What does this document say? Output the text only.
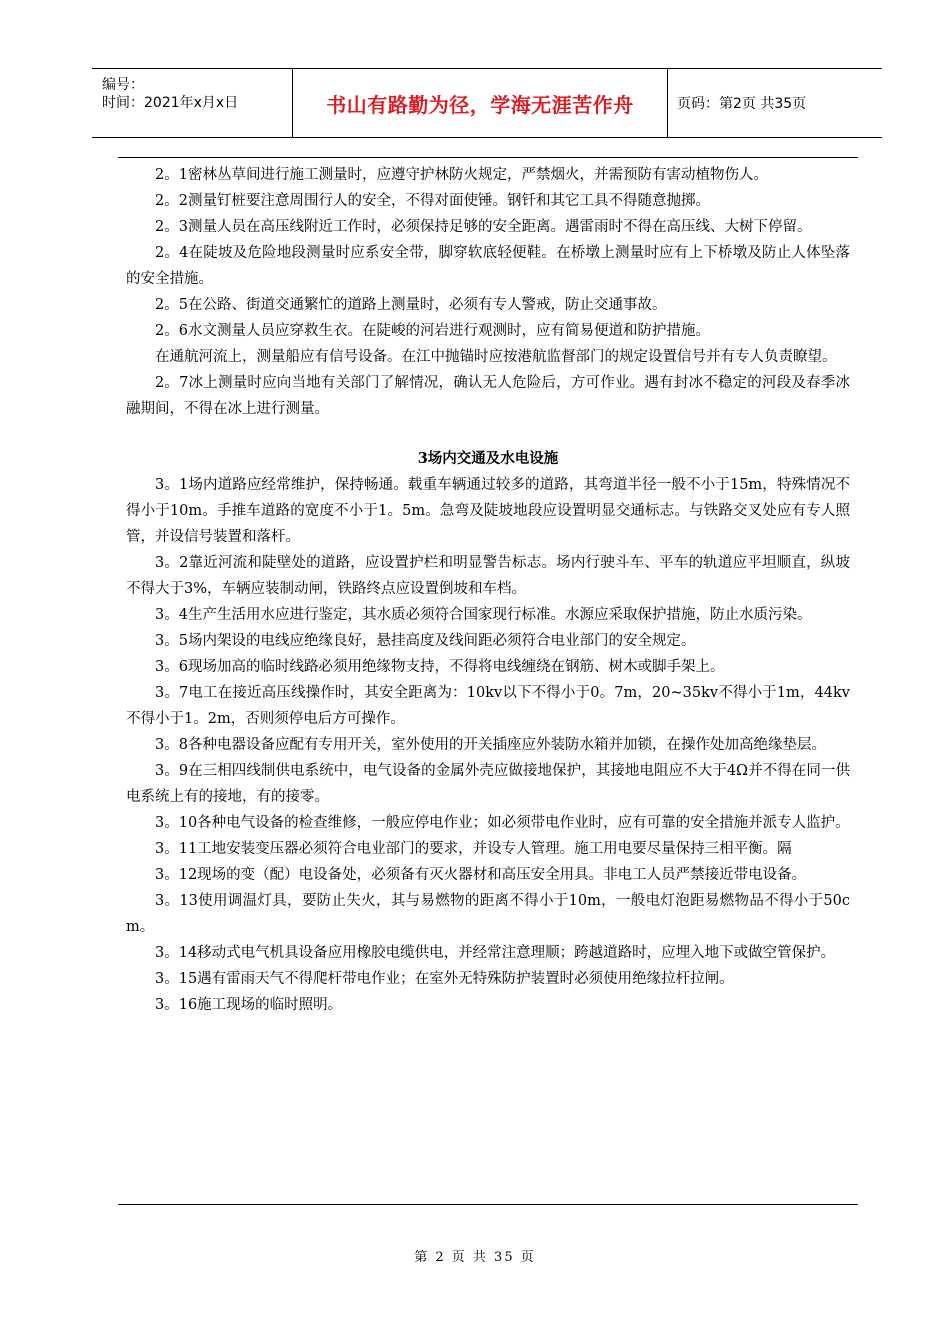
编号：
时间：2021年x月x日	书山有路勤为径，学海无涯苦作舟	页码：第2页 共35页

2。1密林丛草间进行施工测量时，应遵守护林防火规定，严禁烟火，并需预防有害动植物伤人。

2。2测量钉桩要注意周围行人的安全，不得对面使锤。钢钎和其它工具不得随意抛掷。

2。3测量人员在高压线附近工作时，必须保持足够的安全距离。遇雷雨时不得在高压线、大树下停留。

2。4在陡坡及危险地段测量时应系安全带，脚穿软底轻便鞋。在桥墩上测量时应有上下桥墩及防止人体坠落的安全措施。

2。5在公路、街道交通繁忙的道路上测量时，必须有专人警戒，防止交通事故。

2。6水文测量人员应穿救生衣。在陡峻的河岩进行观测时，应有简易便道和防护措施。

在通航河流上，测量船应有信号设备。在江中抛锚时应按港航监督部门的规定设置信号并有专人负责瞭望。

2。7冰上测量时应向当地有关部门了解情况，确认无人危险后，方可作业。遇有封冰不稳定的河段及春季冰融期间，不得在冰上进行测量。

3场内交通及水电设施

3。1场内道路应经常维护，保持畅通。载重车辆通过较多的道路，其弯道半径一般不小于15m，特殊情况不得小于10m。手推车道路的宽度不小于1。5m。急弯及陡坡地段应设置明显交通标志。与铁路交叉处应有专人照管，并设信号装置和落杆。

3。2靠近河流和陡壁处的道路，应设置护栏和明显警告标志。场内行驶斗车、平车的轨道应平坦顺直，纵坡不得大于3%，车辆应装制动闸，铁路终点应设置倒坡和车档。

3。4生产生活用水应进行鉴定，其水质必须符合国家现行标准。水源应采取保护措施，防止水质污染。

3。5场内架设的电线应绝缘良好，悬挂高度及线间距必须符合电业部门的安全规定。

3。6现场加高的临时线路必须用绝缘物支持，不得将电线缠绕在钢筋、树木或脚手架上。

3。7电工在接近高压线操作时，其安全距离为：10kv以下不得小于0。7m，20~35kv不得小于1m，44kv不得小于1。2m，否则须停电后方可操作。

3。8各种电器设备应配有专用开关，室外使用的开关插座应外装防水箱并加锁，在操作处加高绝缘垫层。

3。9在三相四线制供电系统中，电气设备的金属外壳应做接地保护，其接地电阻应不大于4Ω并不得在同一供电系统上有的接地，有的接零。

3。10各种电气设备的检查维修，一般应停电作业；如必须带电作业时，应有可靠的安全措施并派专人监护。

3。11工地安装变压器必须符合电业部门的要求，并设专人管理。施工用电要尽量保持三相平衡。隔

3。12现场的变（配）电设备处，必须备有灭火器材和高压安全用具。非电工人员严禁接近带电设备。

3。13使用调温灯具，要防止失火，其与易燃物的距离不得小于10m，一般电灯泡距易燃物品不得小于50c m。

3。14移动式电气机具设备应用橡胶电缆供电，并经常注意理顺；跨越道路时，应埋入地下或做空管保护。

3。15遇有雷雨天气不得爬杆带电作业；在室外无特殊防护装置时必须使用绝缘拉杆拉闸。

3。16施工现场的临时照明。

第 2 页 共 35 页
